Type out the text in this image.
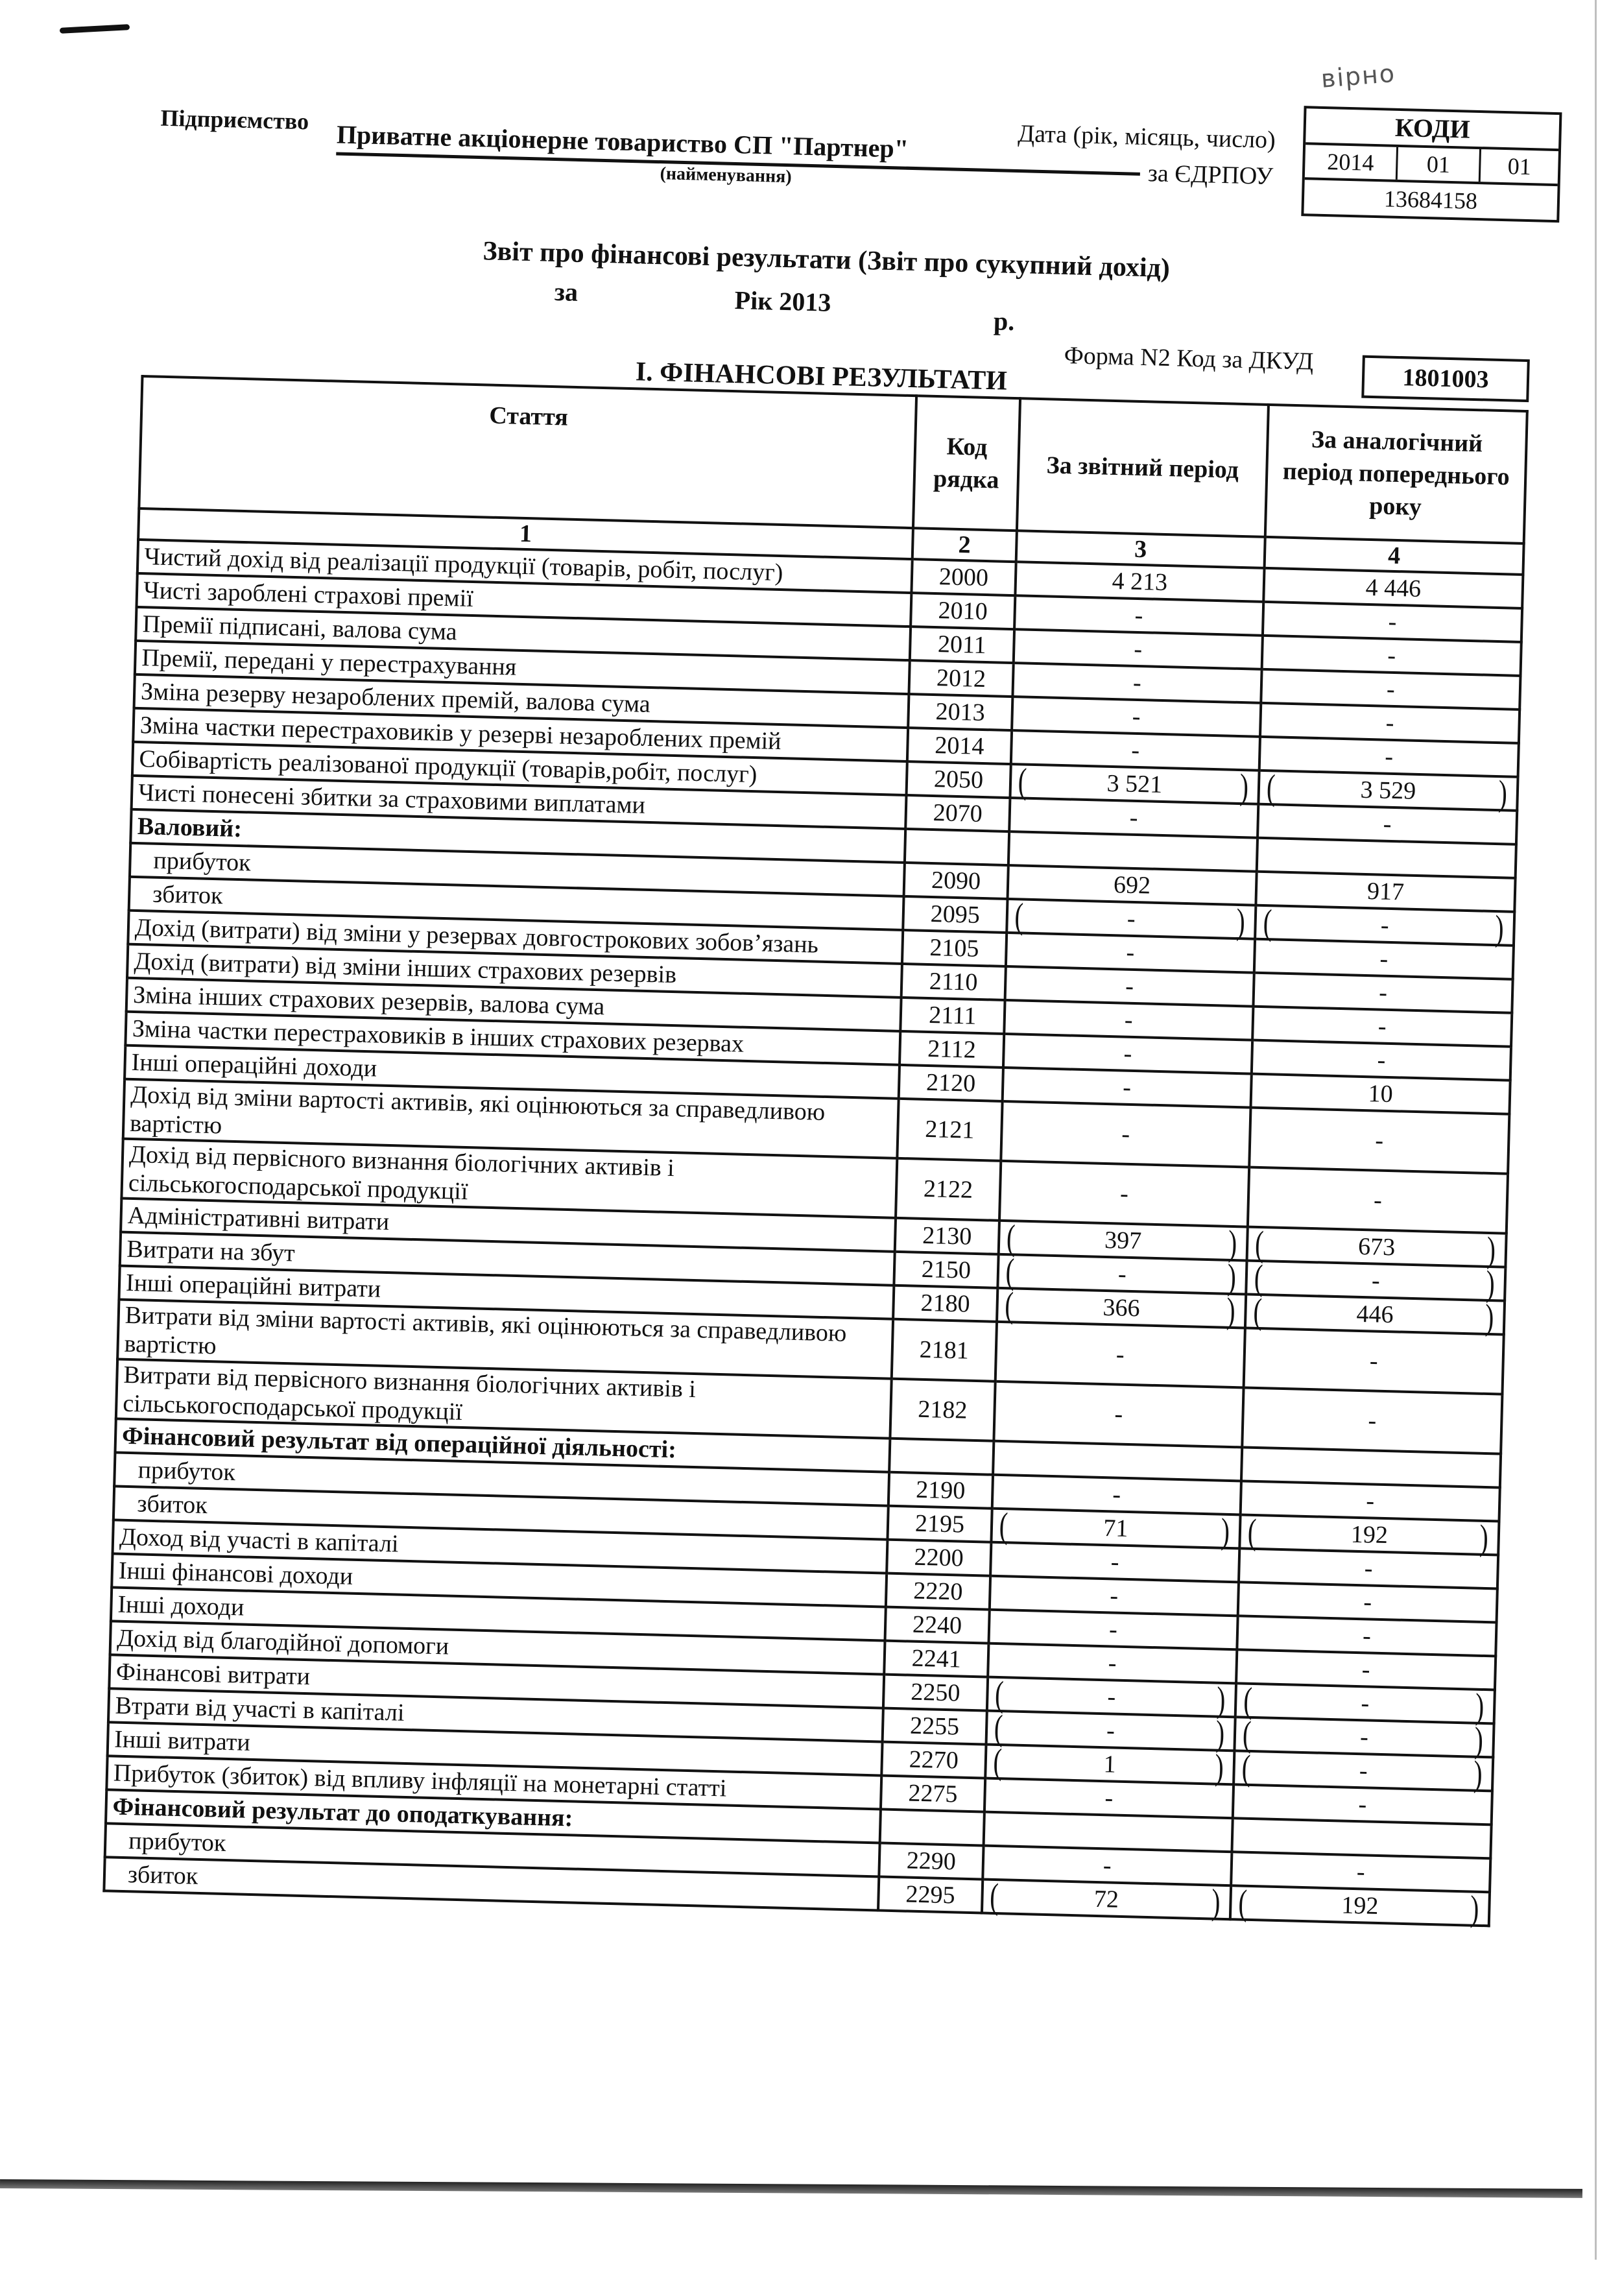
Підприємство Приватне акціонерне товариство СП "Партнер"
(найменування)
Дата (рік, місяць, число)
за ЄДРПОУ
вірно
КОДИ
2014	01	01
13684158
Звіт про фінансові результати (Звіт про сукупний дохід)
за	Рік 2013
р.
Форма N2 Код за ДКУД
1801003
I. ФІНАНСОВІ РЕЗУЛЬТАТИ
Стаття	Код рядка	За звітний період	За аналогічний період попереднього року
1	2	3	4
Чистий дохід від реалізації продукції (товарів, робіт, послуг)	2000	4 213	4 446
Чисті зароблені страхові премії	2010	-	-
Премії підписані, валова сума	2011	-	-
Премії, передані у перестрахування	2012	-	-
Зміна резерву незароблених премій, валова сума	2013	-	-
Зміна частки перестраховиків у резерві незароблених премій	2014	-	-
Собівартість реалізованої продукції (товарів,робіт, послуг)	2050	( 3 521 )	( 3 529 )

Чисті понесені збитки за страховими виплатами	2070	-	-
Валовий:			

прибуток	2090	692	917

збиток	2095	( - )	( - )

Дохід (витрати) від зміни у резервах довгострокових зобов’язань	2105	-	-
Дохід (витрати) від зміни інших страхових резервів	2110	-	-
Зміна інших страхових резервів, валова сума	2111	-	-
Зміна частки перестраховиків в інших страхових резервах	2112	-	-
Інші операційні доходи	2120	-	10
Дохід від зміни вартості активів, які оцінюються за справедливою вартістю	2121	-	-
Дохід від первісного визнання біологічних активів і сільськогосподарської продукції	2122	-	-
Адміністративні витрати	2130	( 397 )	( 673 )

Витрати на збут	2150	( - )	( - )

Інші операційні витрати	2180	( 366 )	( 446 )

Витрати від зміни вартості активів, які оцінюються за справедливою вартістю	2181	-	-
Витрати від первісного визнання біологічних активів і сільськогосподарської продукції	2182	-	-
Фінансовий результат від операційної діяльності:			

прибуток	2190	-	-

збиток	2195	( 71 )	( 192 )

Доход від участі в капіталі	2200	-	-
Інші фінансові доходи	2220	-	-
Інші доходи	2240	-	-
Дохід від благодійної допомоги	2241	-	-
Фінансові витрати	2250	( - )	( - )

Втрати від участі в капіталі	2255	( - )	( - )

Інші витрати	2270	( 1 )	( - )

Прибуток (збиток) від впливу інфляції на монетарні статті	2275	-	-
Фінансовий результат до оподаткування:			

прибуток	2290	-	-

збиток	2295	( 72 )	( 192 )
